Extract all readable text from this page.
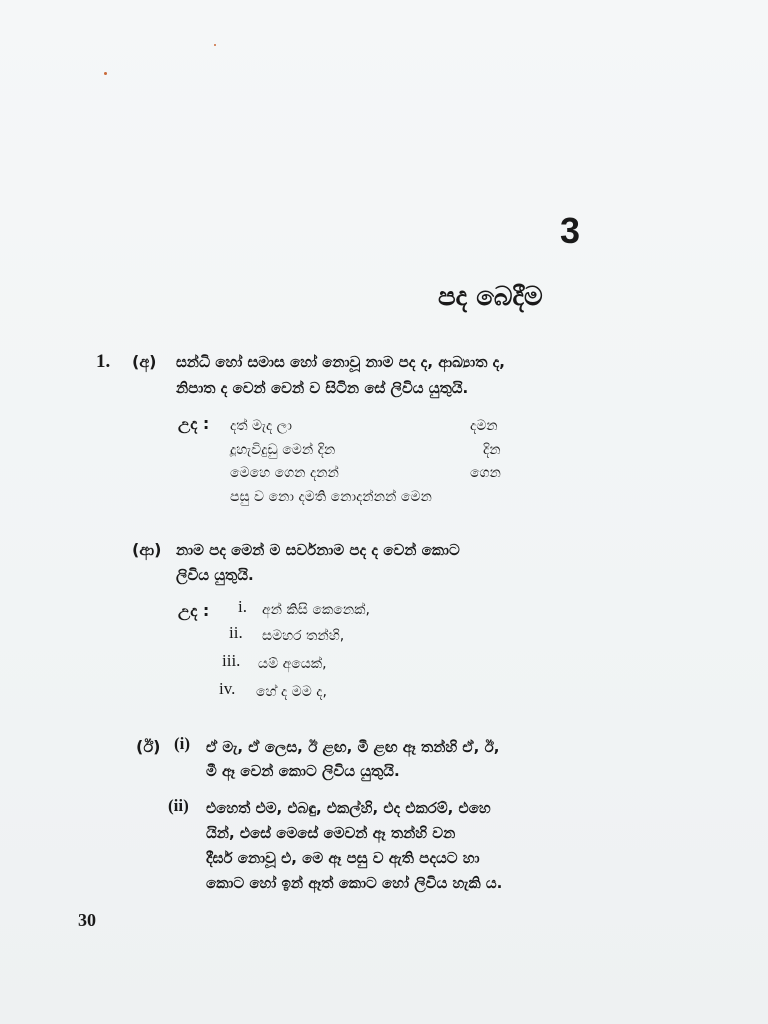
3
පද බෙදීම
1. (අ) සන්ධි හෝ සමාස හෝ නොවූ නාම පද ද, ආඛ්‍යාත ද,
නිපාත ද වෙන් වෙන් ව සිටින සේ ලිවිය යුතුයි.
උද : දත් මැද ලා	දමන
දූහැවිදුඩු මෙන් දින	දින
මෙහෙ ගෙන දනන්	ගෙන
පසු ව නො දමති නොදන්නන් මෙන
(ආ) නාම පද මෙන් ම සර්වනාම පද ද වෙන් කොට
ලිවිය යුතුයි.
උද : i. අන් කිසි කෙනෙක්,
ii. සමහර තන්හි,
iii. යම් අයෙක්,
iv. හේ ද මම ද,
(ඊ) (i) ඒ මැ, ඒ ලෙස, ඊ ළඟ, මී ළඟ ඈ තන්හි ඒ, ඊ,
මී ඈ වෙන් කොට ලිවිය යුතුයි.
(ii) එහෙත් එම, එබඳු, එකල්හි, එද එකරම්, එහෙ
යින්, එසේ මෙසේ මෙවන් ඈ තන්හි වන
දීර්ඝ නොවූ එ, මෙ ඈ පසු ව ඇති පදයට හා
කොට හෝ ඉන් ඈත් කොට හෝ ලිවිය හැකි ය.
30
